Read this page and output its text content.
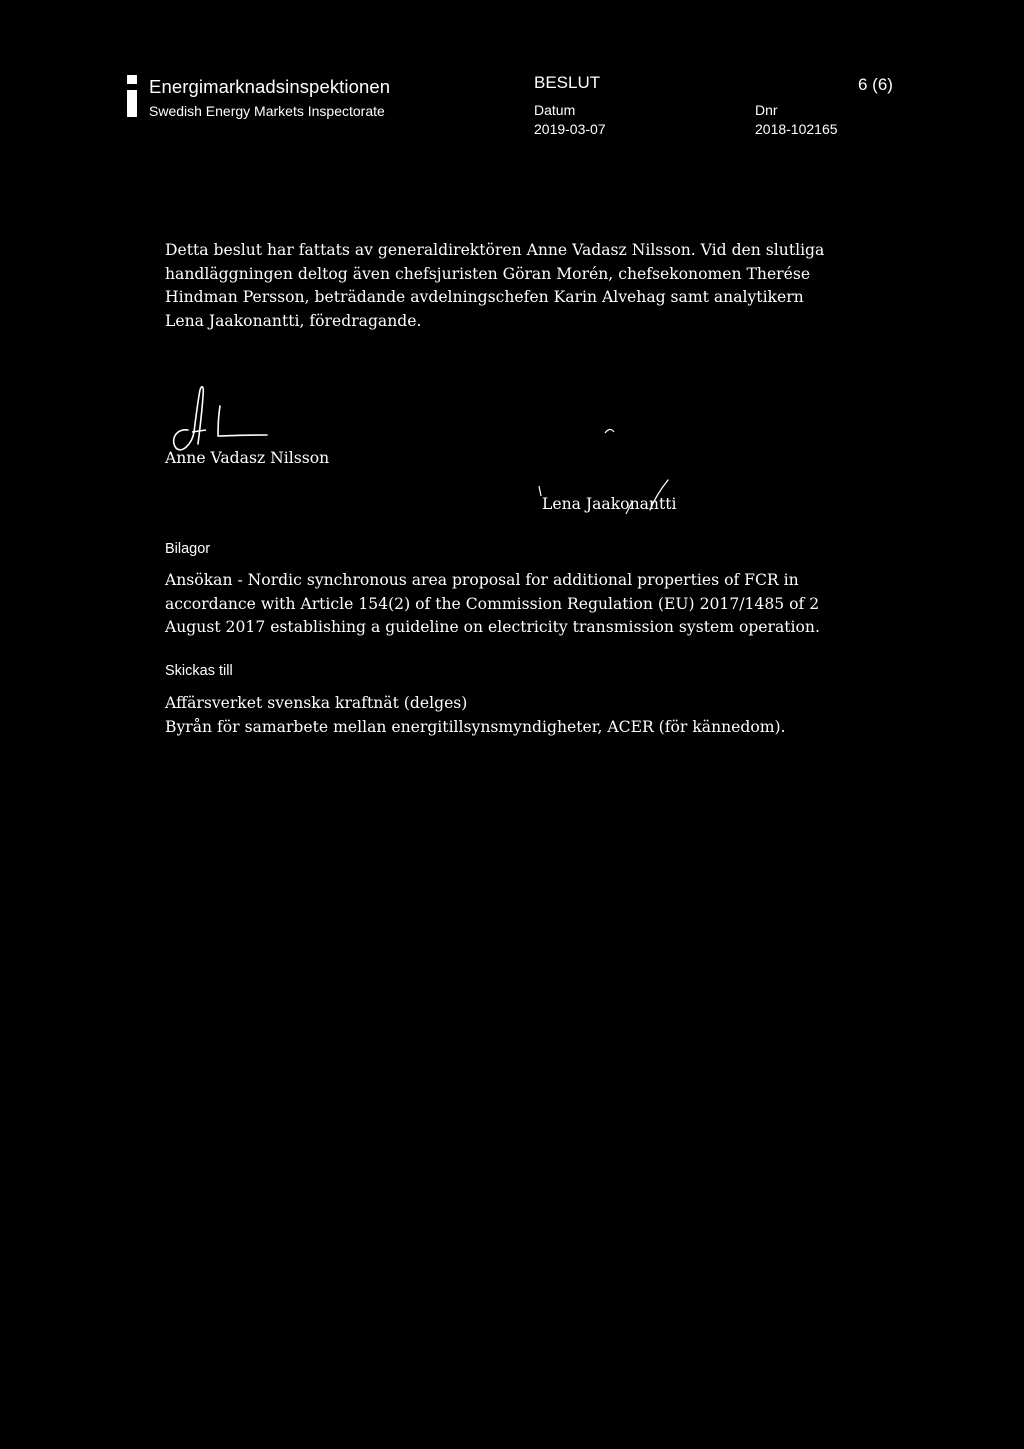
Energimarknadsinspektionen
Swedish Energy Markets Inspectorate
BESLUT	6 (6)
Datum
2019-03-07
Dnr
2018-102165

Detta beslut har fattats av generaldirektören Anne Vadasz Nilsson. Vid den slutliga handläggningen deltog även chefsjuristen Göran Morén, chefsekonomen Therése Hindman Persson, beträdande avdelningschefen Karin Alvehag samt analytikern Lena Jaakonantti, föredragande.

Anne Vadasz Nilsson
Lena Jaakonantti
Bilagor

Ansökan - Nordic synchronous area proposal for additional properties of FCR in accordance with Article 154(2) of the Commission Regulation (EU) 2017/1485 of 2 August 2017 establishing a guideline on electricity transmission system operation.

Skickas till
Affärsverket svenska kraftnät (delges)
Byrån för samarbete mellan energitillsynsmyndigheter, ACER (för kännedom).
